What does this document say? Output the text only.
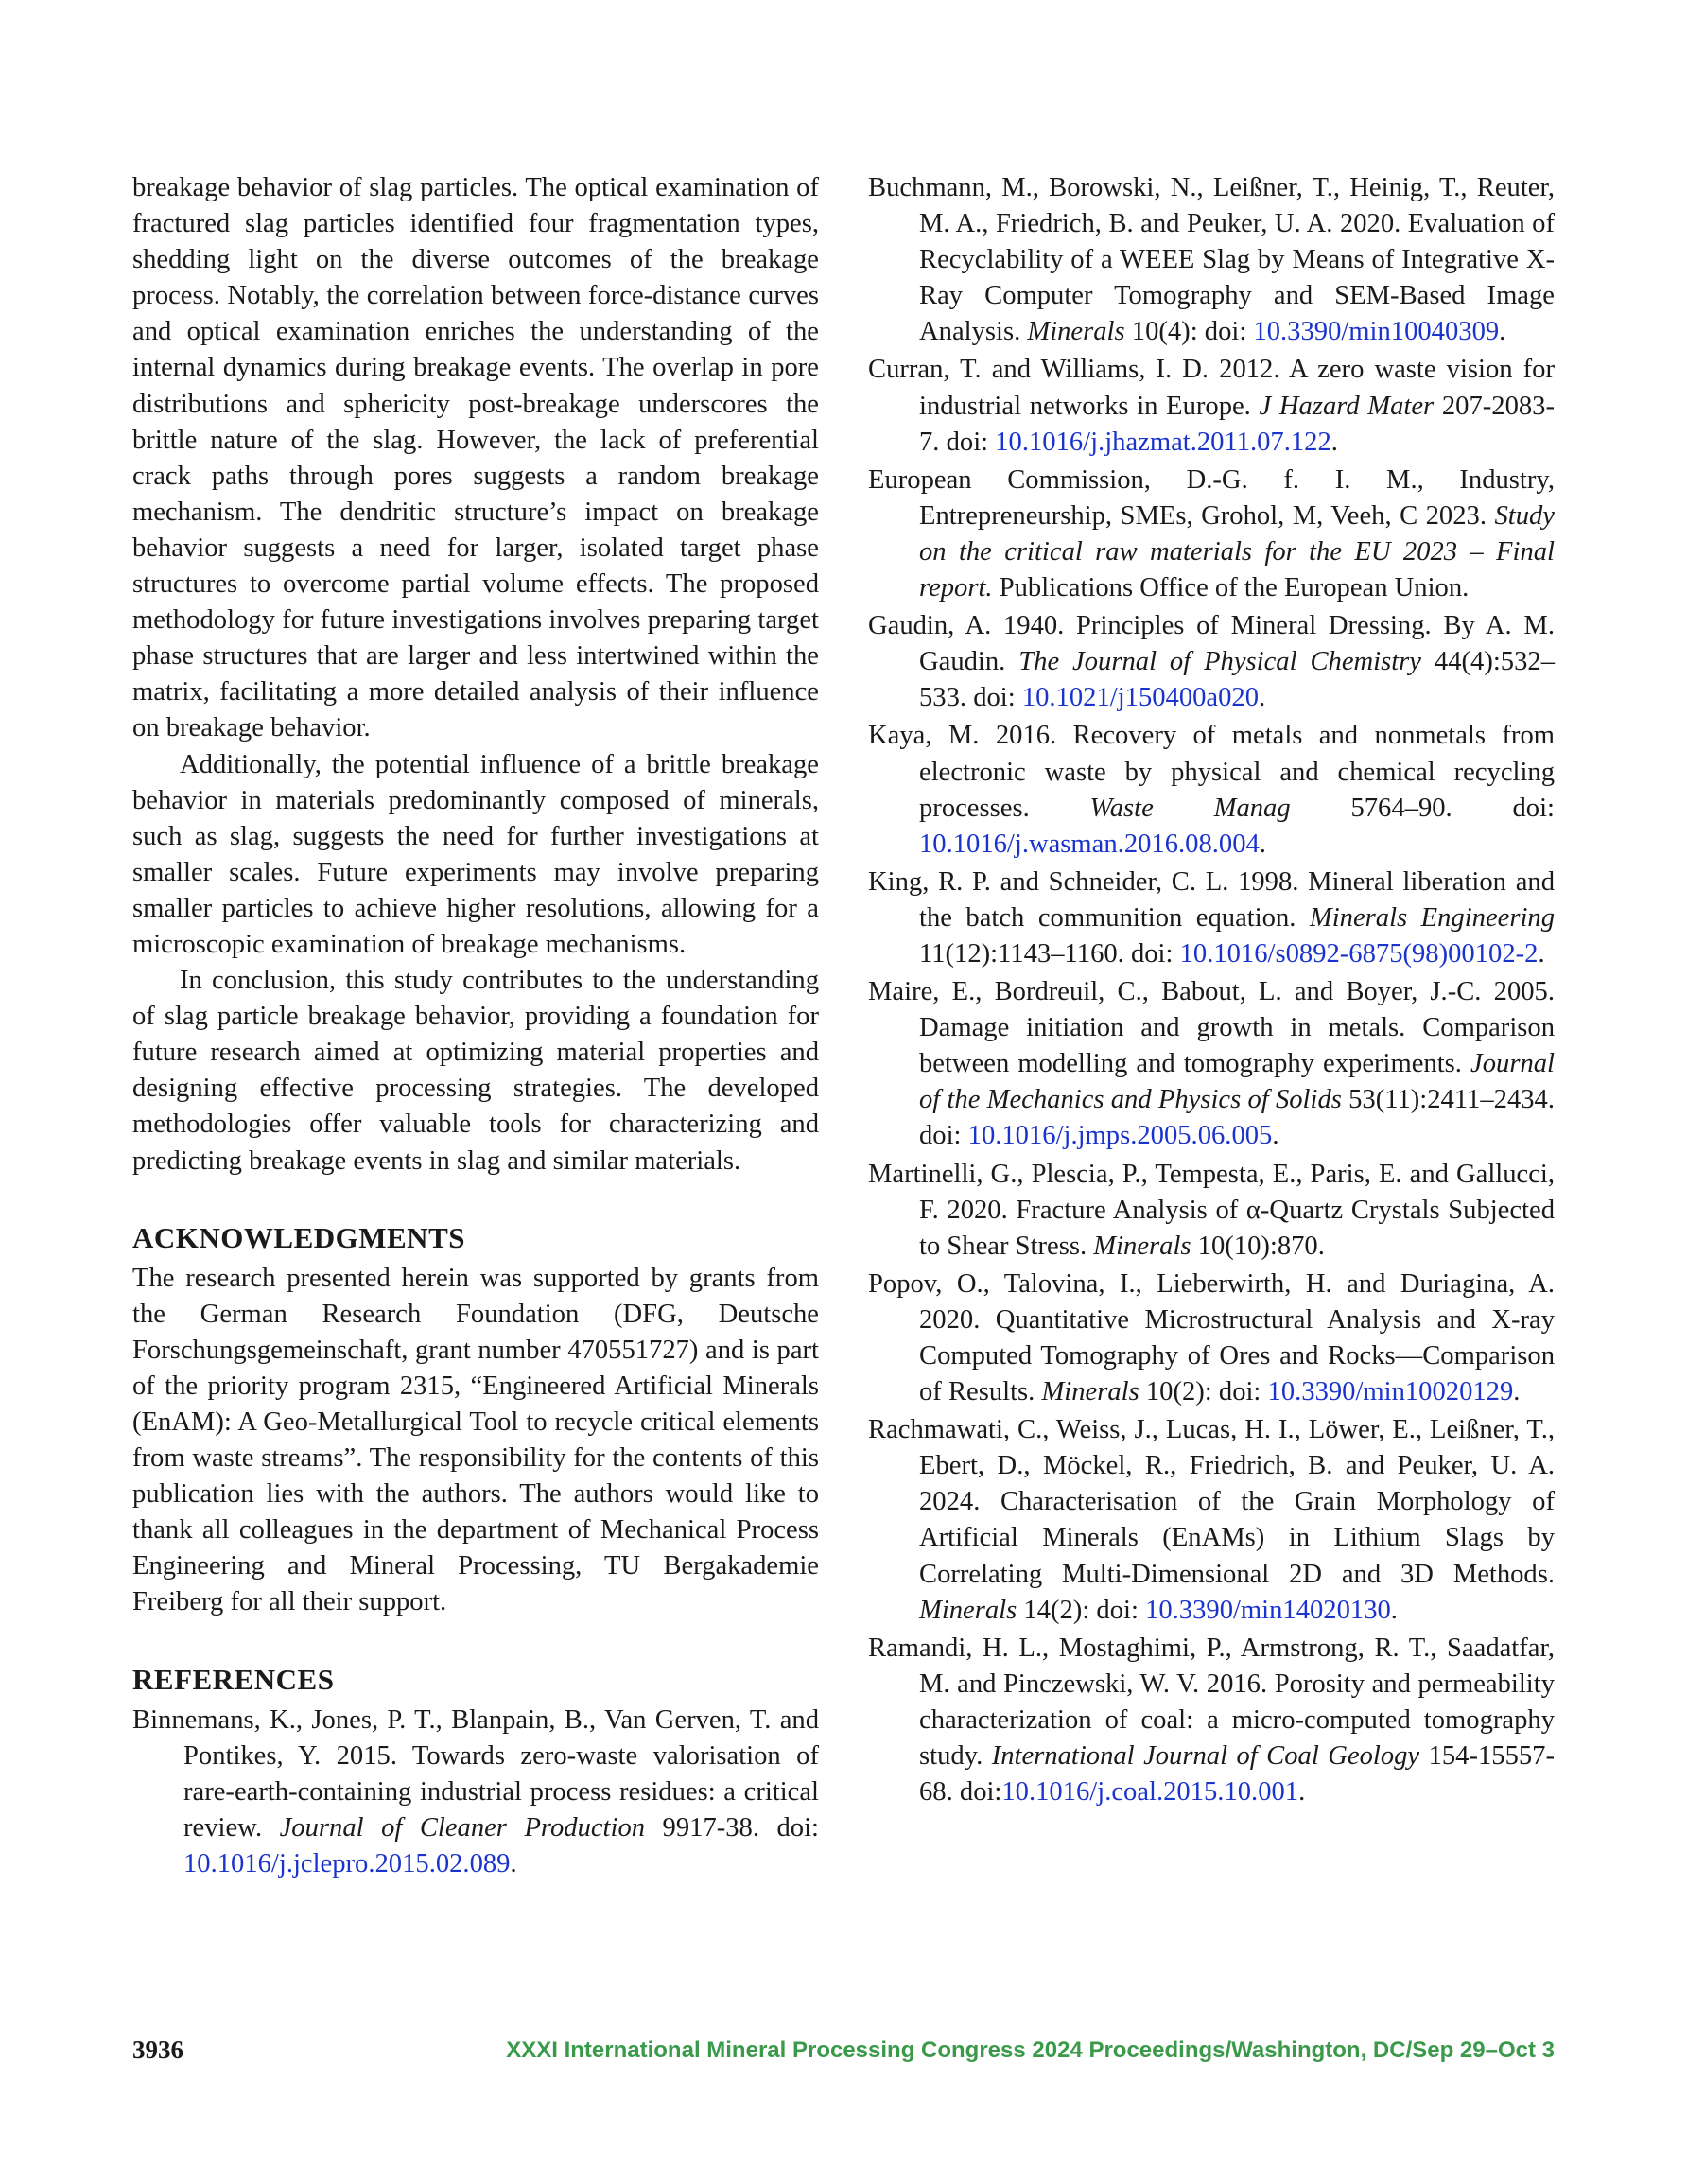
breakage behavior of slag particles. The optical examination of fractured slag particles identified four fragmentation types, shedding light on the diverse outcomes of the breakage process. Notably, the correlation between force-distance curves and optical examination enriches the understanding of the internal dynamics during breakage events. The overlap in pore distributions and sphericity post-breakage underscores the brittle nature of the slag. However, the lack of preferential crack paths through pores suggests a random breakage mechanism. The dendritic structure’s impact on breakage behavior suggests a need for larger, isolated target phase structures to overcome partial volume effects. The proposed methodology for future investigations involves preparing target phase structures that are larger and less intertwined within the matrix, facilitating a more detailed analysis of their influence on breakage behavior.

Additionally, the potential influence of a brittle breakage behavior in materials predominantly composed of minerals, such as slag, suggests the need for further investigations at smaller scales. Future experiments may involve preparing smaller particles to achieve higher resolutions, allowing for a microscopic examination of breakage mechanisms.

In conclusion, this study contributes to the understanding of slag particle breakage behavior, providing a foundation for future research aimed at optimizing material properties and designing effective processing strategies. The developed methodologies offer valuable tools for characterizing and predicting breakage events in slag and similar materials.

ACKNOWLEDGMENTS

The research presented herein was supported by grants from the German Research Foundation (DFG, Deutsche Forschungsgemeinschaft, grant number 470551727) and is part of the priority program 2315, “Engineered Artificial Minerals (EnAM): A Geo-Metallurgical Tool to recycle critical elements from waste streams”. The responsibility for the contents of this publication lies with the authors. The authors would like to thank all colleagues in the department of Mechanical Process Engineering and Mineral Processing, TU Bergakademie Freiberg for all their support.

REFERENCES

Binnemans, K., Jones, P. T., Blanpain, B., Van Gerven, T. and Pontikes, Y. 2015. Towards zero-waste valorisation of rare-earth-containing industrial process residues: a critical review. Journal of Cleaner Production 9917-38. doi: 10.1016/j.jclepro.2015.02.089.

Buchmann, M., Borowski, N., Leißner, T., Heinig, T., Reuter, M. A., Friedrich, B. and Peuker, U. A. 2020. Evaluation of Recyclability of a WEEE Slag by Means of Integrative X-Ray Computer Tomography and SEM-Based Image Analysis. Minerals 10(4): doi: 10.3390/min10040309.

Curran, T. and Williams, I. D. 2012. A zero waste vision for industrial networks in Europe. J Hazard Mater 207-2083-7. doi: 10.1016/j.jhazmat.2011.07.122.

European Commission, D.-G. f. I. M., Industry, Entrepreneurship, SMEs, Grohol, M, Veeh, C 2023. Study on the critical raw materials for the EU 2023 – Final report. Publications Office of the European Union.

Gaudin, A. 1940. Principles of Mineral Dressing. By A. M. Gaudin. The Journal of Physical Chemistry 44(4):532–533. doi: 10.1021/j150400a020.

Kaya, M. 2016. Recovery of metals and nonmetals from electronic waste by physical and chemical recycling processes. Waste Manag 5764–90. doi: 10.1016/j.wasman.2016.08.004.

King, R. P. and Schneider, C. L. 1998. Mineral liberation and the batch communition equation. Minerals Engineering 11(12):1143–1160. doi: 10.1016/s0892-6875(98)00102-2.

Maire, E., Bordreuil, C., Babout, L. and Boyer, J.-C. 2005. Damage initiation and growth in metals. Comparison between modelling and tomography experiments. Journal of the Mechanics and Physics of Solids 53(11):2411–2434. doi: 10.1016/j.jmps.2005.06.005.

Martinelli, G., Plescia, P., Tempesta, E., Paris, E. and Gallucci, F. 2020. Fracture Analysis of α-Quartz Crystals Subjected to Shear Stress. Minerals 10(10):870.

Popov, O., Talovina, I., Lieberwirth, H. and Duriagina, A. 2020. Quantitative Microstructural Analysis and X-ray Computed Tomography of Ores and Rocks—Comparison of Results. Minerals 10(2): doi: 10.3390/min10020129.

Rachmawati, C., Weiss, J., Lucas, H. I., Löwer, E., Leißner, T., Ebert, D., Möckel, R., Friedrich, B. and Peuker, U. A. 2024. Characterisation of the Grain Morphology of Artificial Minerals (EnAMs) in Lithium Slags by Correlating Multi-Dimensional 2D and 3D Methods. Minerals 14(2): doi: 10.3390/min14020130.

Ramandi, H. L., Mostaghimi, P., Armstrong, R. T., Saadatfar, M. and Pinczewski, W. V. 2016. Porosity and permeability characterization of coal: a micro-computed tomography study. International Journal of Coal Geology 154-15557-68. doi:10.1016/j.coal.2015.10.001.

3936	XXXI International Mineral Processing Congress 2024 Proceedings/Washington, DC/Sep 29–Oct 3
